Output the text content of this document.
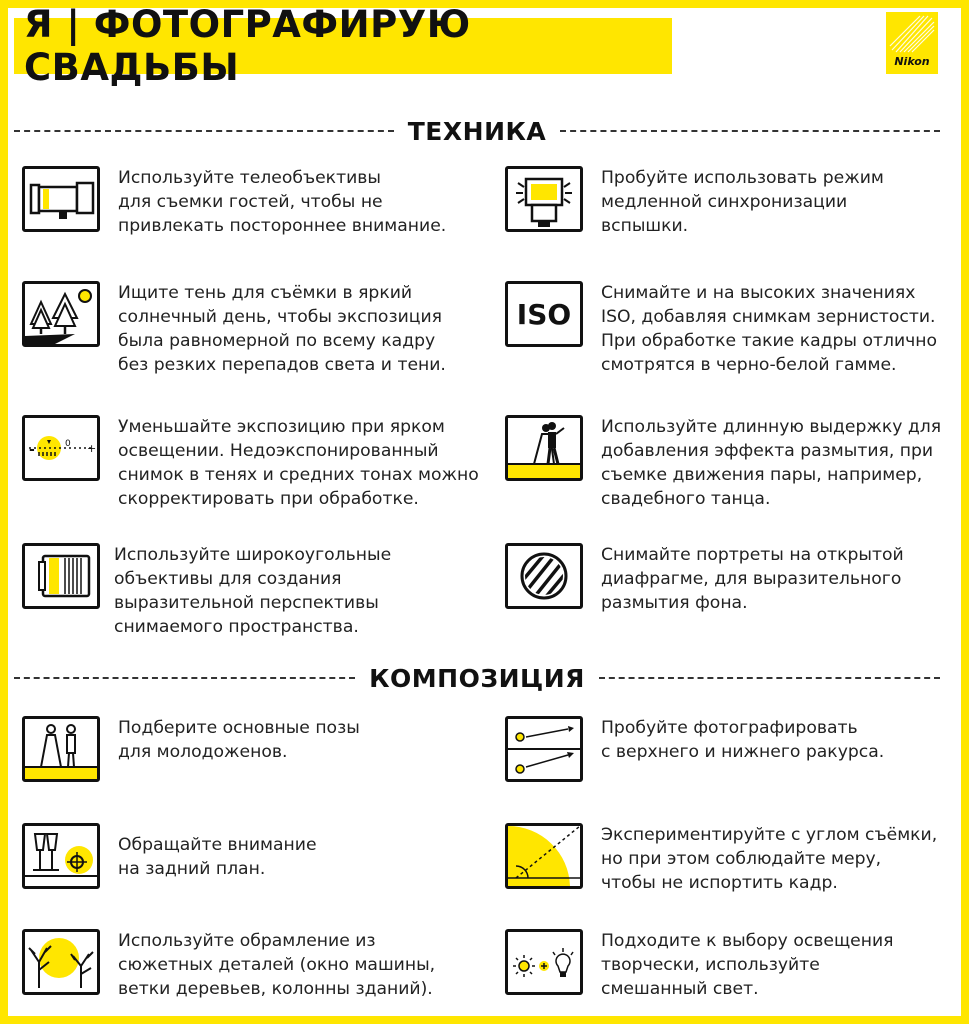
Я | ФОТОГРАФИРУЮ СВАДЬБЫ	Nikon
ТЕХНИКА
Используйте телеобъективы
для съемки гостей, чтобы не
привлекать постороннее внимание.
Пробуйте использовать режим
медленной синхронизации
вспышки.
Ищите тень для съёмки в яркий
солнечный день, чтобы экспозиция
была равномерной по всему кадру
без резких перепадов света и тени.
ISO
Снимайте и на высоких значениях
ISO, добавляя снимкам зернистости.
При обработке такие кадры отлично
смотрятся в черно-белой гамме.
-	0 +
Уменьшайте экспозицию при ярком
освещении. Недоэкспонированный
снимок в тенях и средних тонах можно
скорректировать при обработке.
Используйте длинную выдержку для
добавления эффекта размытия, при
съемке движения пары, например,
свадебного танца.
Используйте широкоугольные
объективы для создания
выразительной перспективы
снимаемого пространства.
Снимайте портреты на открытой
диафрагме, для выразительного
размытия фона.
КОМПОЗИЦИЯ
Подберите основные позы
для молодоженов.
Пробуйте фотографировать
с верхнего и нижнего ракурса.
Обращайте внимание
на задний план.
Экспериментируйте с углом съёмки,
но при этом соблюдайте меру,
чтобы не испортить кадр.
Используйте обрамление из
сюжетных деталей (окно машины,
ветки деревьев, колонны зданий).
Подходите к выбору освещения
творчески, используйте
смешанный свет.
